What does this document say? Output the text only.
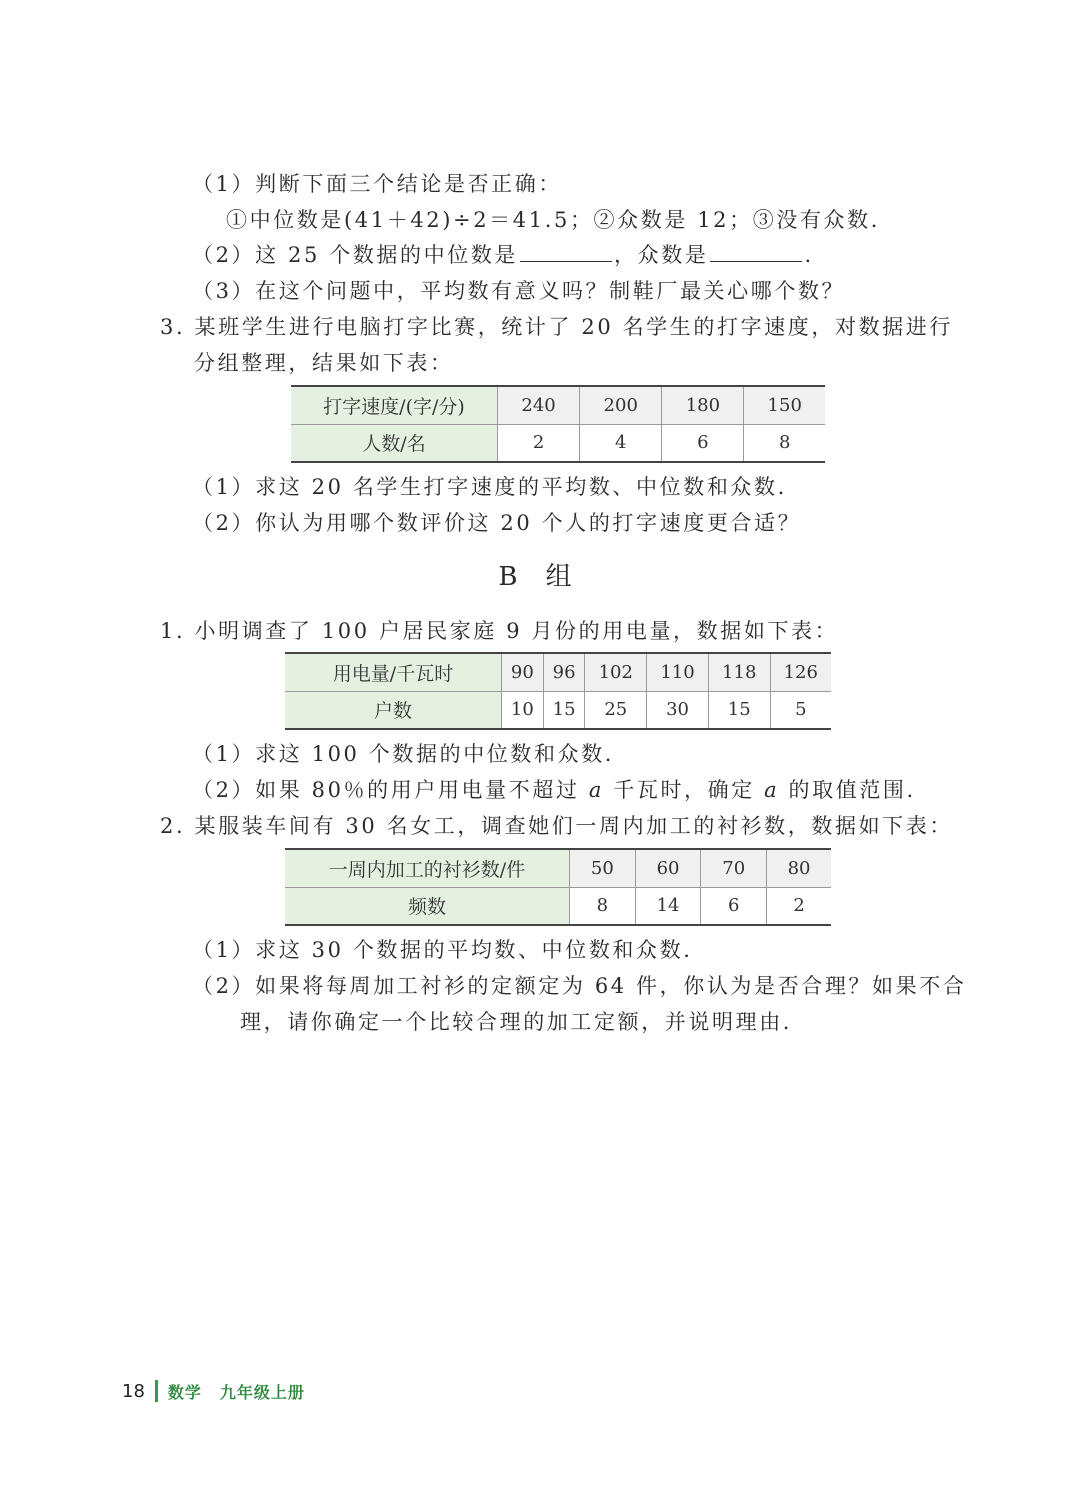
（1）判断下面三个结论是否正确：
①中位数是(41＋42)÷2＝41.5；②众数是 12；③没有众数.
（2）这 25 个数据的中位数是	，众数是	.
（3）在这个问题中，平均数有意义吗？制鞋厂最关心哪个数？
3. 某班学生进行电脑打字比赛，统计了 20 名学生的打字速度，对数据进行
分组整理，结果如下表：
打字速度/(字/分)	240	200	180	150
人数/名	2	4	6	8
（1）求这 20 名学生打字速度的平均数、中位数和众数.
（2）你认为用哪个数评价这 20 个人的打字速度更合适？
B 组
1. 小明调查了 100 户居民家庭 9 月份的用电量，数据如下表：
用电量/千瓦时	90	96	102	110	118	126
户数	10	15	25	30	15	5
（1）求这 100 个数据的中位数和众数.
（2）如果 80％的用户用电量不超过 a 千瓦时，确定 a 的取值范围.
2. 某服装车间有 30 名女工，调查她们一周内加工的衬衫数，数据如下表：
一周内加工的衬衫数/件	50	60	70	80
频数	8	14	6	2
（1）求这 30 个数据的平均数、中位数和众数.
（2）如果将每周加工衬衫的定额定为 64 件，你认为是否合理？如果不合
理，请你确定一个比较合理的加工定额，并说明理由.
18 数学 九年级上册
